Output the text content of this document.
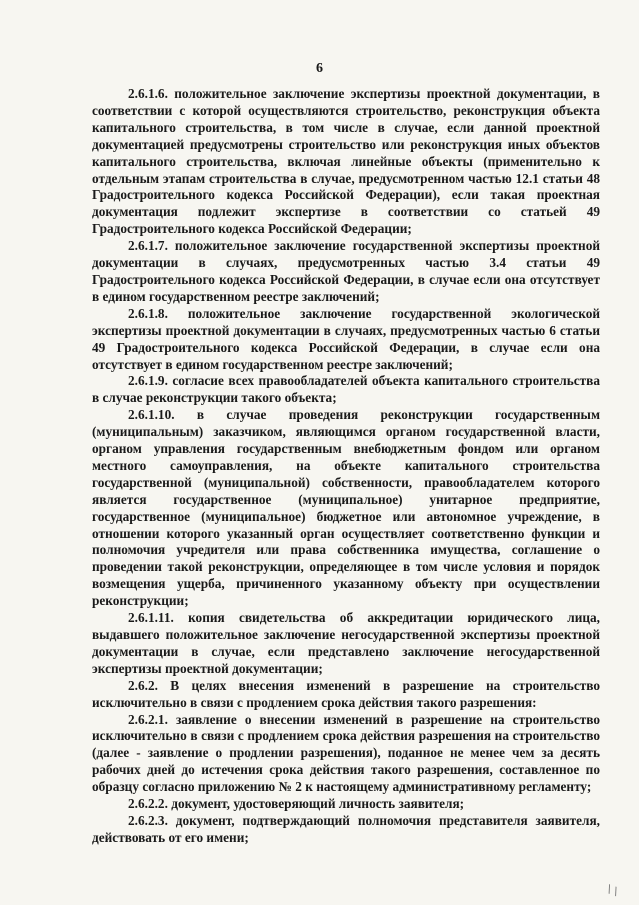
6

2.6.1.6. положительное заключение экспертизы проектной документации, в соответствии с которой осуществляются строительство, реконструкция объекта капитального строительства, в том числе в случае, если данной проектной документацией предусмотрены строительство или реконструкция иных объектов капитального строительства, включая линейные объекты (применительно к отдельным этапам строительства в случае, предусмотренном частью 12.1 статьи 48 Градостроительного кодекса Российской Федерации), если такая проектная документация подлежит экспертизе в соответствии со статьей 49 Градостроительного кодекса Российской Федерации;

2.6.1.7. положительное заключение государственной экспертизы проектной документации в случаях, предусмотренных частью 3.4 статьи 49 Градостроительного кодекса Российской Федерации, в случае если она отсутствует в едином государственном реестре заключений;

2.6.1.8. положительное заключение государственной экологической экспертизы проектной документации в случаях, предусмотренных частью 6 статьи 49 Градостроительного кодекса Российской Федерации, в случае если она отсутствует в едином государственном реестре заключений;

2.6.1.9. согласие всех правообладателей объекта капитального строительства в случае реконструкции такого объекта;

2.6.1.10. в случае проведения реконструкции государственным (муниципальным) заказчиком, являющимся органом государственной власти, органом управления государственным внебюджетным фондом или органом местного самоуправления, на объекте капитального строительства государственной (муниципальной) собственности, правообладателем которого является государственное (муниципальное) унитарное предприятие, государственное (муниципальное) бюджетное или автономное учреждение, в отношении которого указанный орган осуществляет соответственно функции и полномочия учредителя или права собственника имущества, соглашение о проведении такой реконструкции, определяющее в том числе условия и порядок возмещения ущерба, причиненного указанному объекту при осуществлении реконструкции;

2.6.1.11. копия свидетельства об аккредитации юридического лица, выдавшего положительное заключение негосударственной экспертизы проектной документации в случае, если представлено заключение негосударственной экспертизы проектной документации;

2.6.2. В целях внесения изменений в разрешение на строительство исключительно в связи с продлением срока действия такого разрешения:

2.6.2.1. заявление о внесении изменений в разрешение на строительство исключительно в связи с продлением срока действия разрешения на строительство (далее - заявление о продлении разрешения), поданное не менее чем за десять рабочих дней до истечения срока действия такого разрешения, составленное по образцу согласно приложению № 2 к настоящему административному регламенту;

2.6.2.2. документ, удостоверяющий личность заявителя;

2.6.2.3. документ, подтверждающий полномочия представителя заявителя, действовать от его имени;

∖∖
